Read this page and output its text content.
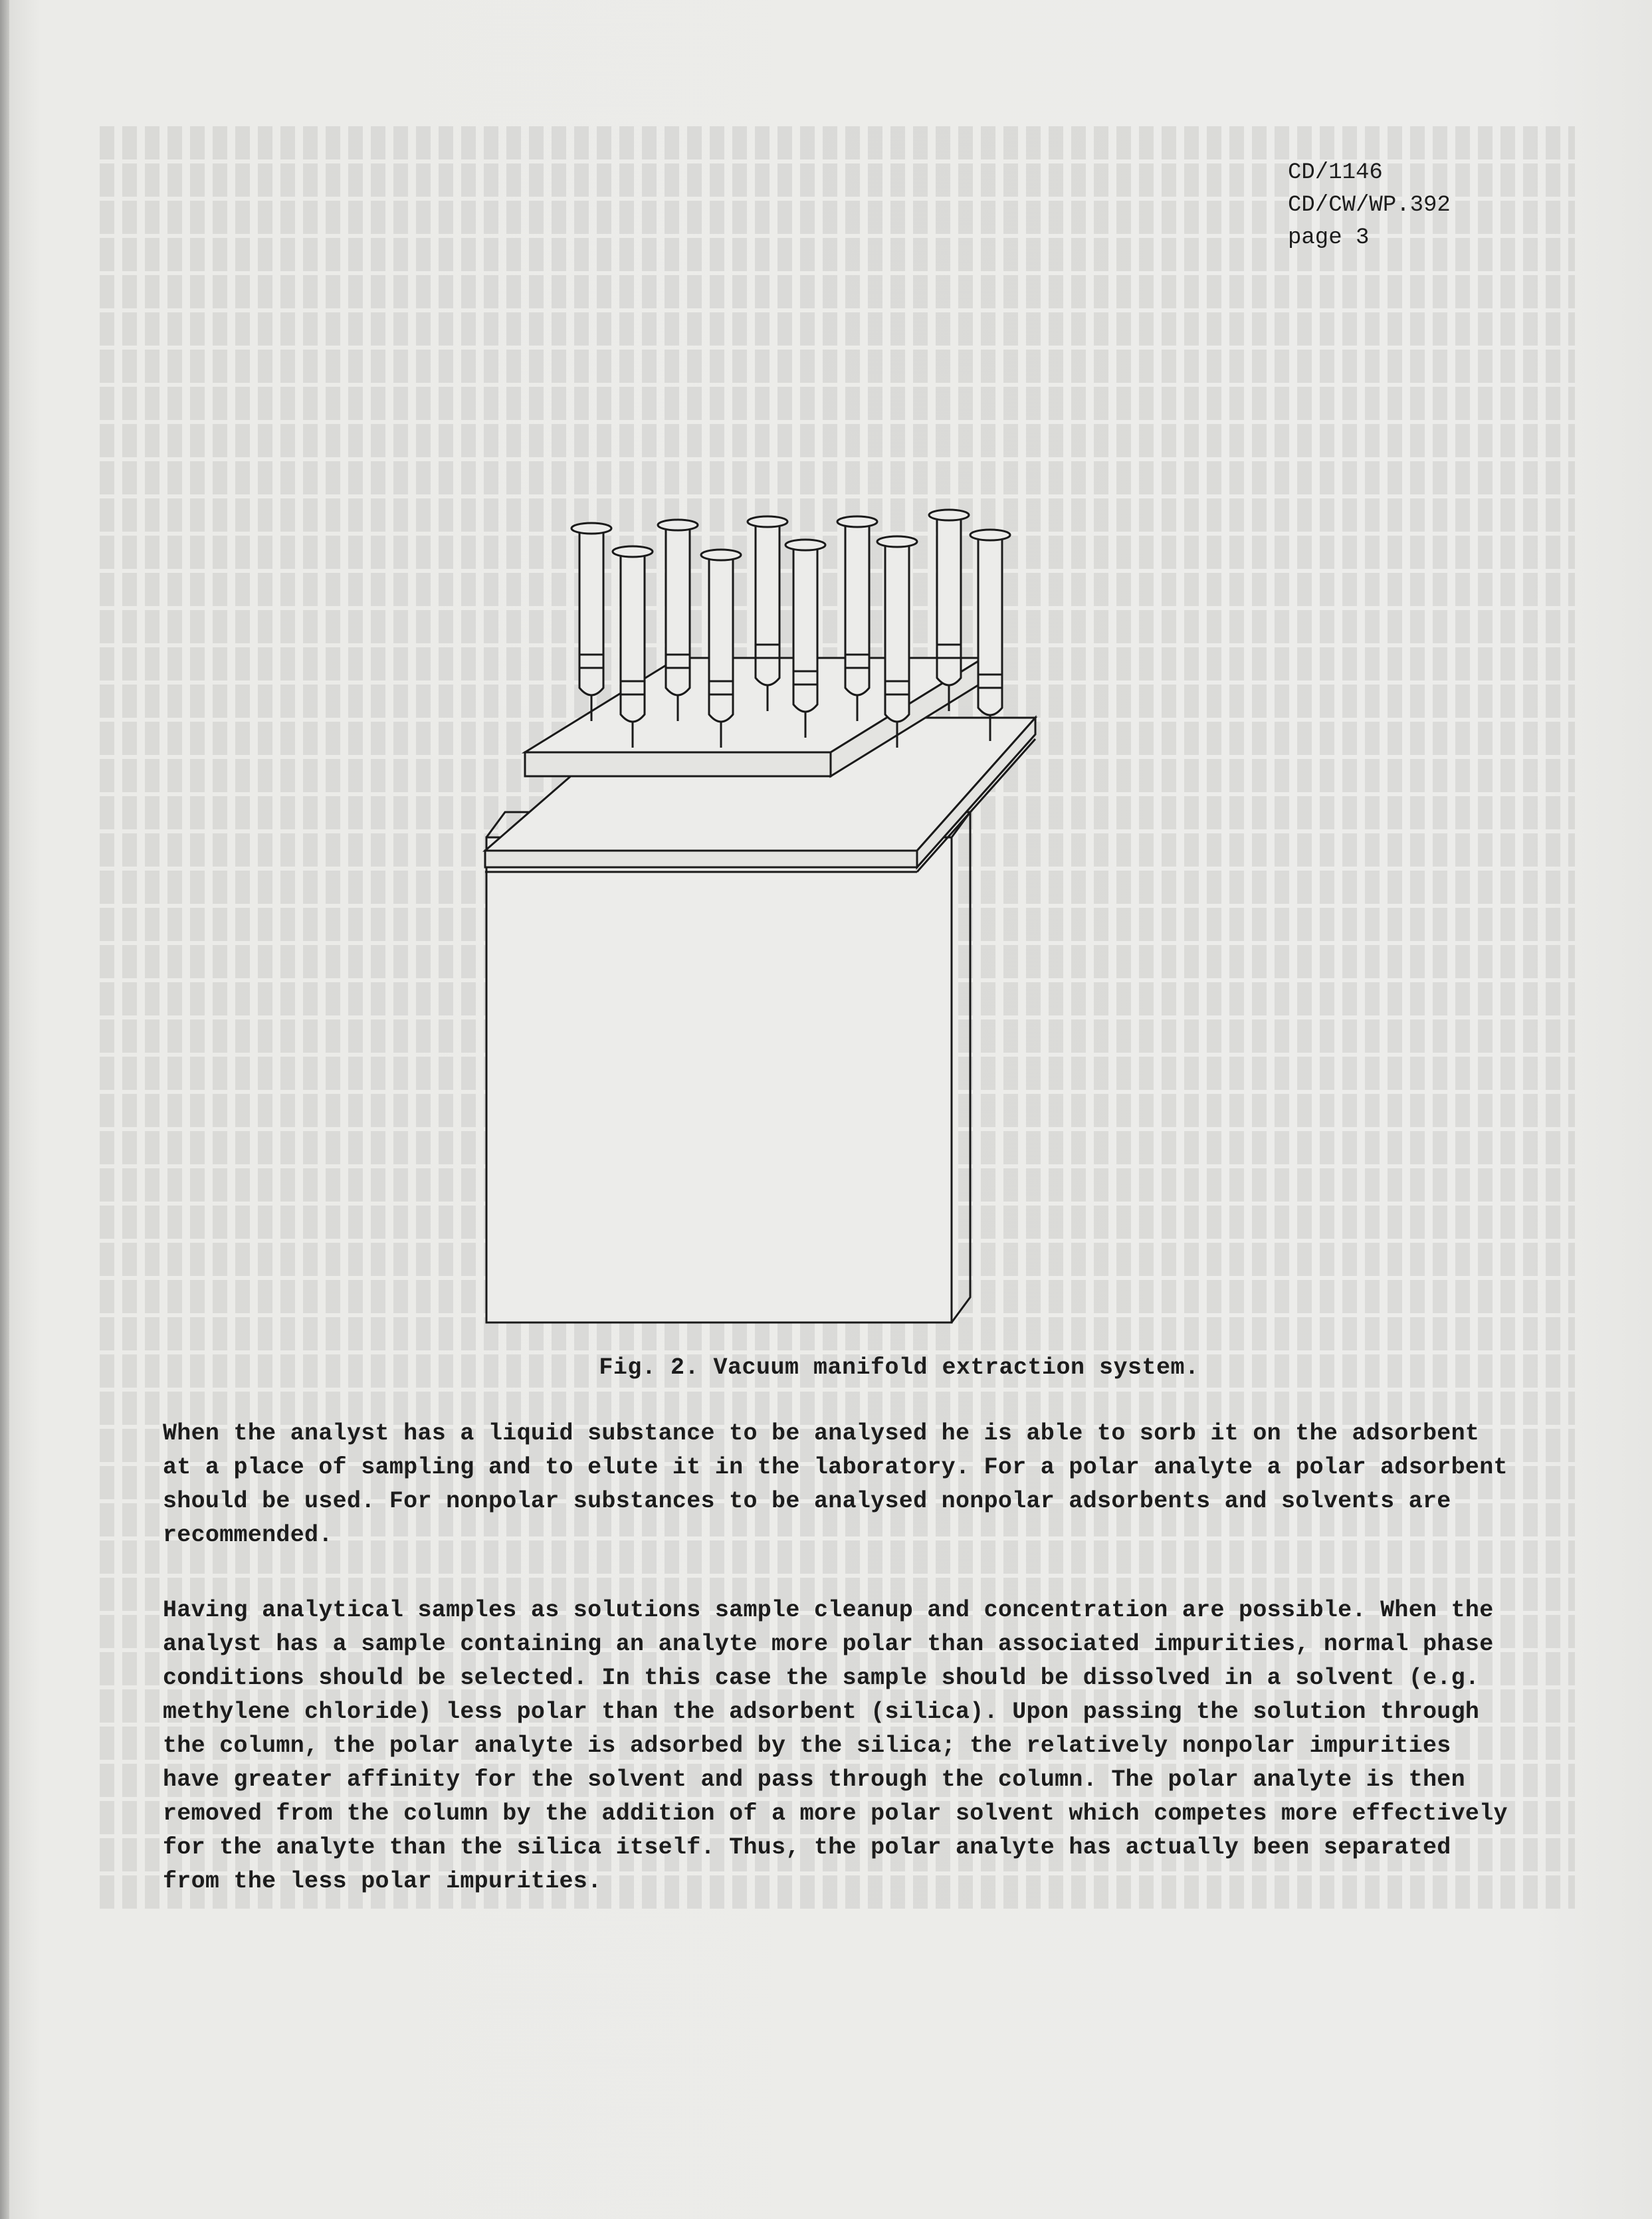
CD/1146
CD/CW/WP.392
page 3
Fig. 2. Vacuum manifold extraction system.

When the analyst has a liquid substance to be analysed he is able to sorb it on the adsorbent at a place of sampling and to elute it in the laboratory. For a polar analyte a polar adsorbent should be used. For nonpolar substances to be analysed nonpolar adsorbents and solvents are recommended.

Having analytical samples as solutions sample cleanup and concentration are possible. When the analyst has a sample containing an analyte more polar than associated impurities, normal phase conditions should be selected. In this case the sample should be dissolved in a solvent (e.g. methylene chloride) less polar than the adsorbent (silica). Upon passing the solution through the column, the polar analyte is adsorbed by the silica; the relatively nonpolar impurities have greater affinity for the solvent and pass through the column. The polar analyte is then removed from the column by the addition of a more polar solvent which competes more effectively for the analyte than the silica itself. Thus, the polar analyte has actually been separated from the less polar impurities.
